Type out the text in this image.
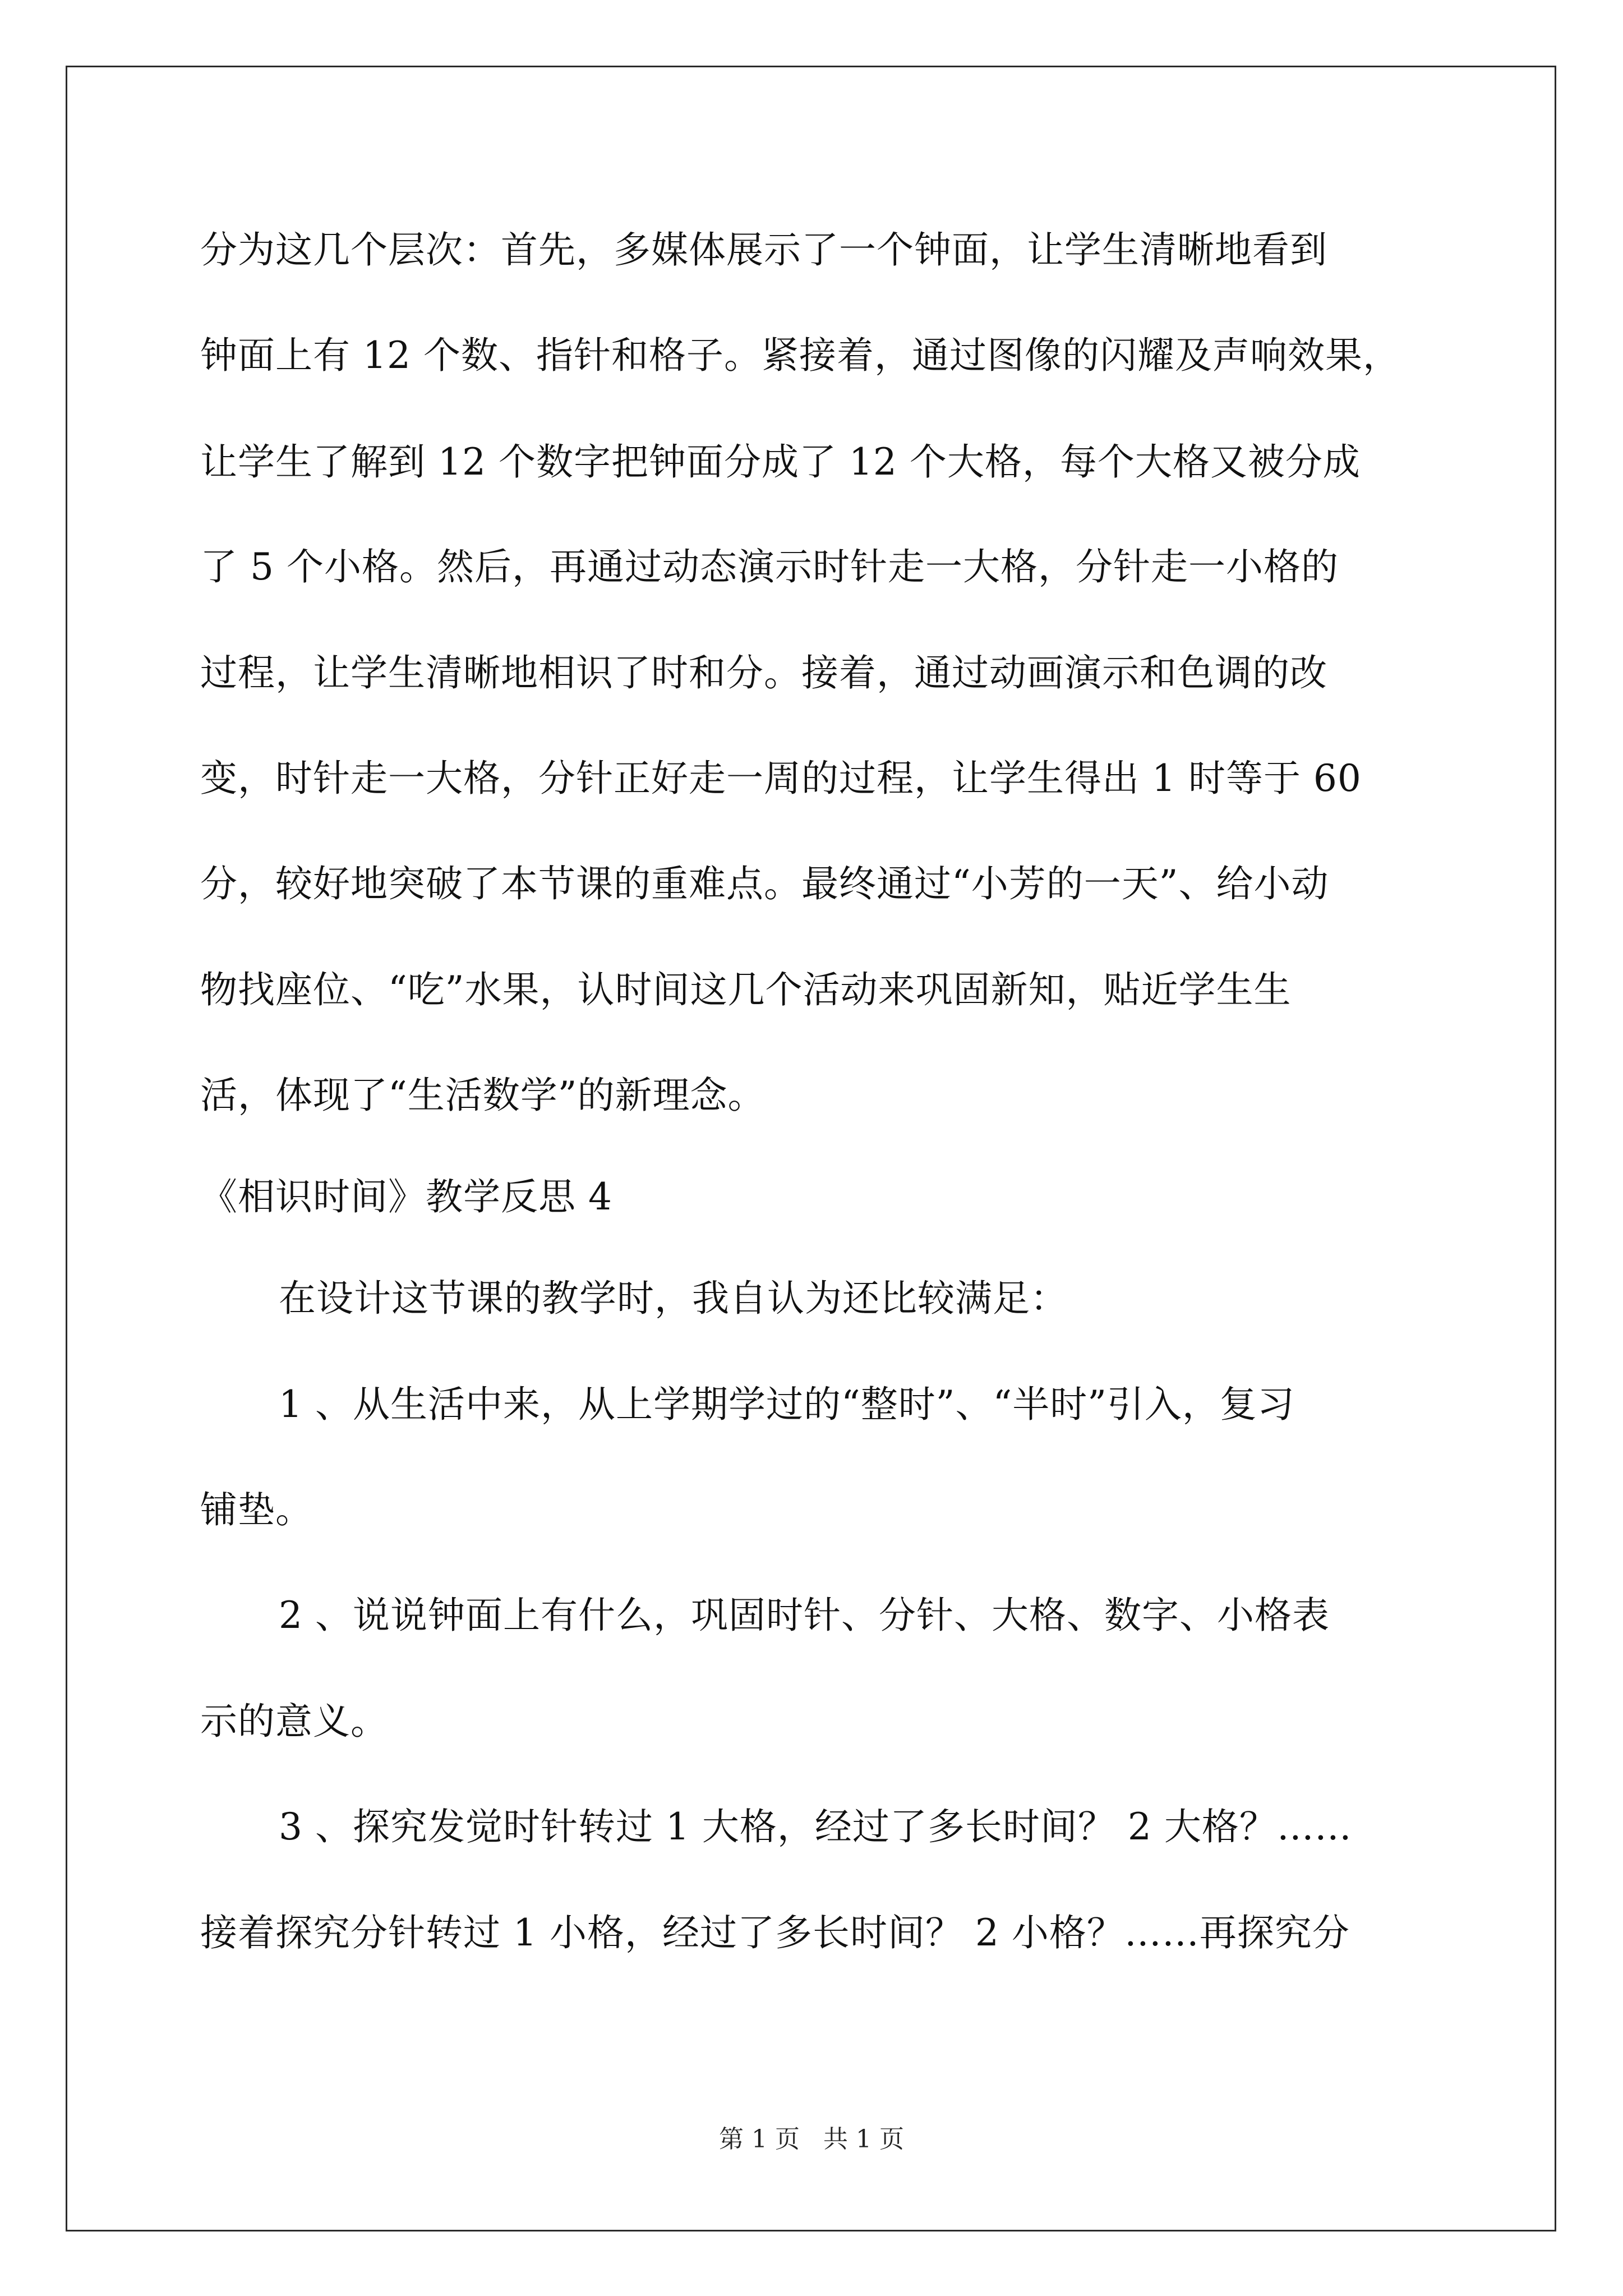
分为这几个层次：首先，多媒体展示了一个钟面，让学生清晰地看到
钟面上有 12 个数、指针和格子。紧接着，通过图像的闪耀及声响效果，
让学生了解到 12 个数字把钟面分成了 12 个大格，每个大格又被分成
了 5 个小格。然后，再通过动态演示时针走一大格，分针走一小格的
过程，让学生清晰地相识了时和分。接着，通过动画演示和色调的改
变，时针走一大格，分针正好走一周的过程，让学生得出 1 时等于 60
分，较好地突破了本节课的重难点。最终通过“小芳的一天”、给小动
物找座位、“吃”水果，认时间这几个活动来巩固新知，贴近学生生
活，体现了“生活数学”的新理念。
《相识时间》教学反思 4
在设计这节课的教学时，我自认为还比较满足：
1 、从生活中来，从上学期学过的“整时”、“半时”引入，复习
铺垫。
2 、说说钟面上有什么，巩固时针、分针、大格、数字、小格表
示的意义。
3 、探究发觉时针转过 1 大格，经过了多长时间？ 2 大格？……
接着探究分针转过 1 小格，经过了多长时间？ 2 小格？……再探究分
第 1 页   共 1 页
